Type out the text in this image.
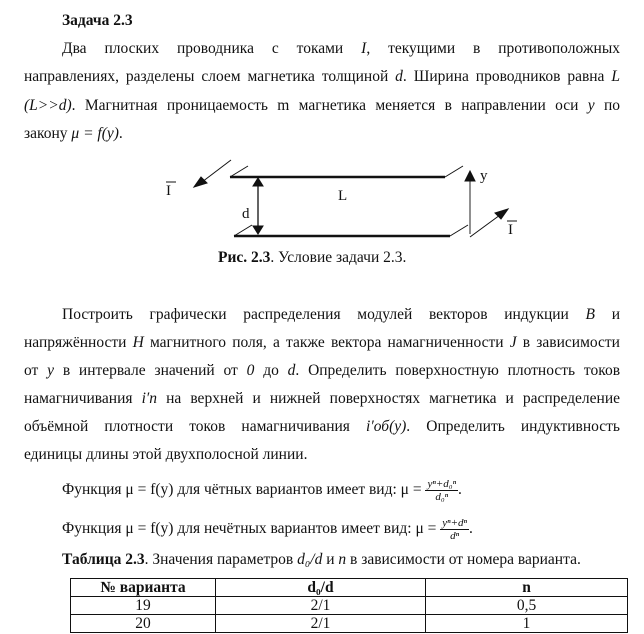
Задача 2.3
Два плоских проводника с токами I, текущими в противоположных
направлениях, разделены слоем магнетика толщиной d. Ширина проводников равна L
(L>>d). Магнитная проницаемость m магнетика меняется в направлении оси y по
закону μ = f(y).
I
I
L
d
y
Рис. 2.3. Условие задачи 2.3.
Построить графически распределения модулей векторов индукции B и
напряжённости H магнитного поля, а также вектора намагниченности J в зависимости
от y в интервале значений от 0 до d. Определить поверхностную плотность токов
намагничивания i′п на верхней и нижней поверхностях магнетика и распределение
объёмной плотности токов намагничивания i′об(y). Определить индуктивность
единицы длины этой двухполосной линии.
Функция μ = f(y) для чётных вариантов имеет вид: $\mu = \frac{\text{yⁿ+d₀ⁿ}}{\text{d₀ⁿ}}$ .
Функция μ = f(y) для нечётных вариантов имеет вид: $\mu = \frac{\text{yⁿ+dⁿ}}{\text{dⁿ}}$ .
Таблица 2.3. Значения параметров d₀/d и n в зависимости от номера варианта.
№ варианта	d₀/d	n
19	2/1	0,5
20	2/1	1
